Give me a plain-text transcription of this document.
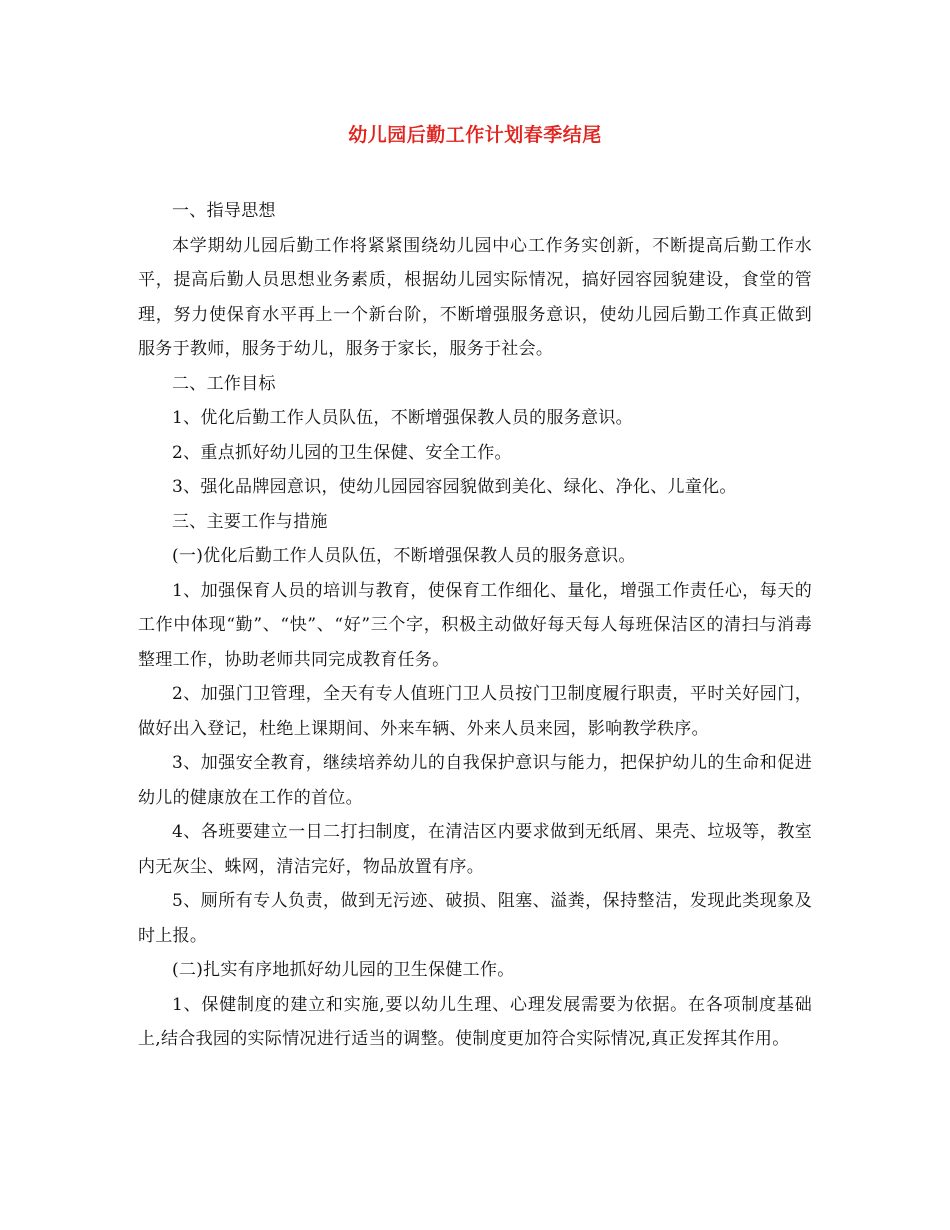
幼儿园后勤工作计划春季结尾

一、指导思想

本学期幼儿园后勤工作将紧紧围绕幼儿园中心工作务实创新，不断提高后勤工作水平，提高后勤人员思想业务素质，根据幼儿园实际情况，搞好园容园貌建设，食堂的管理，努力使保育水平再上一个新台阶，不断增强服务意识，使幼儿园后勤工作真正做到服务于教师，服务于幼儿，服务于家长，服务于社会。

二、工作目标

1、优化后勤工作人员队伍，不断增强保教人员的服务意识。

2、重点抓好幼儿园的卫生保健、安全工作。

3、强化品牌园意识，使幼儿园园容园貌做到美化、绿化、净化、儿童化。

三、主要工作与措施

(一)优化后勤工作人员队伍，不断增强保教人员的服务意识。

1、加强保育人员的培训与教育，使保育工作细化、量化，增强工作责任心，每天的工作中体现“勤”、“快”、“好”三个字，积极主动做好每天每人每班保洁区的清扫与消毒整理工作，协助老师共同完成教育任务。

2、加强门卫管理，全天有专人值班门卫人员按门卫制度履行职责，平时关好园门，做好出入登记，杜绝上课期间、外来车辆、外来人员来园，影响教学秩序。

3、加强安全教育，继续培养幼儿的自我保护意识与能力，把保护幼儿的生命和促进幼儿的健康放在工作的首位。

4、各班要建立一日二打扫制度，在清洁区内要求做到无纸屑、果壳、垃圾等，教室内无灰尘、蛛网，清洁完好，物品放置有序。

5、厕所有专人负责，做到无污迹、破损、阻塞、溢粪，保持整洁，发现此类现象及时上报。

(二)扎实有序地抓好幼儿园的卫生保健工作。

1、保健制度的建立和实施,要以幼儿生理、心理发展需要为依据。在各项制度基础上,结合我园的实际情况进行适当的调整。使制度更加符合实际情况,真正发挥其作用。
